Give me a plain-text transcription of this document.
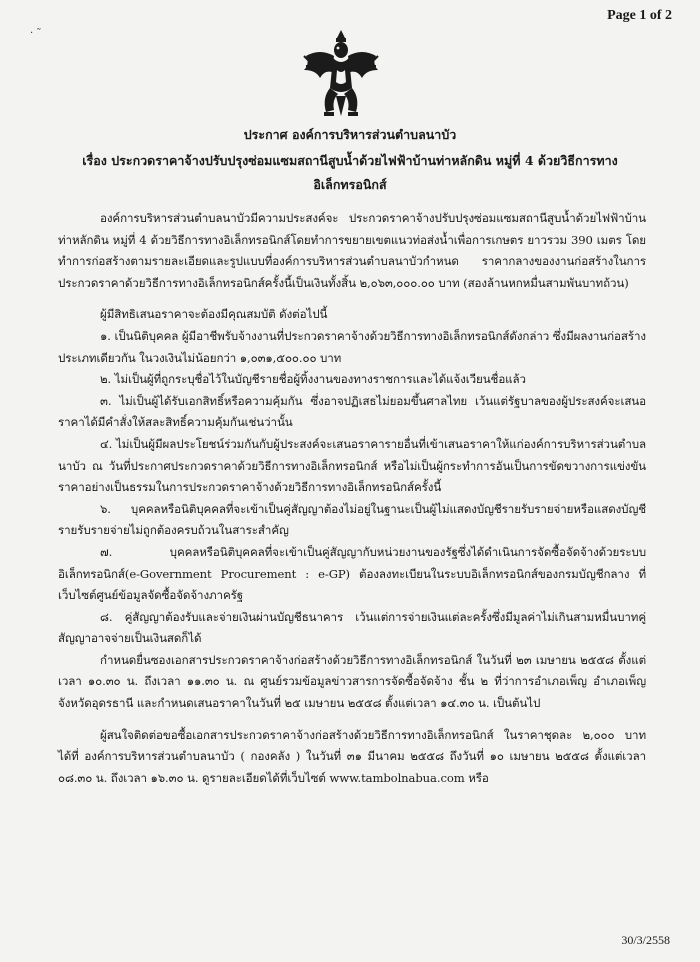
· ˜
Page 1 of 2
ประกาศ องค์การบริหารส่วนตำบลนาบัว
เรื่อง ประกวดราคาจ้างปรับปรุงซ่อมแซมสถานีสูบน้ำด้วยไฟฟ้าบ้านท่าหลักดิน หมู่ที่ 4 ด้วยวิธีการทาง
อิเล็กทรอนิกส์

องค์การบริหารส่วนตำบลนาบัวมีความประสงค์จะ ประกวดราคาจ้างปรับปรุงซ่อมแซมสถานีสูบน้ำด้วยไฟฟ้าบ้านท่าหลักดิน หมู่ที่ 4 ด้วยวิธีการทางอิเล็กทรอนิกส์โดยทำการขยายเขตแนวท่อส่งน้ำเพื่อการเกษตร ยาวรวม 390 เมตร โดยทำการก่อสร้างตามรายละเอียดและรูปแบบที่องค์การบริหารส่วนตำบลนาบัวกำหนด ราคากลางของงานก่อสร้างในการประกวดราคาด้วยวิธีการทางอิเล็กทรอนิกส์ครั้งนี้เป็นเงินทั้งสิ้น ๒,๐๖๓,๐๐๐.๐๐ บาท (สองล้านหกหมื่นสามพันบาทถ้วน)

ผู้มีสิทธิเสนอราคาจะต้องมีคุณสมบัติ ดังต่อไปนี้

๑. เป็นนิติบุคคล ผู้มีอาชีพรับจ้างงานที่ประกวดราคาจ้างด้วยวิธีการทางอิเล็กทรอนิกส์ดังกล่าว ซึ่งมีผลงานก่อสร้างประเภทเดียวกัน ในวงเงินไม่น้อยกว่า ๑,๐๓๑,๕๐๐.๐๐ บาท

๒. ไม่เป็นผู้ที่ถูกระบุชื่อไว้ในบัญชีรายชื่อผู้ทิ้งงานของทางราชการและได้แจ้งเวียนชื่อแล้ว

๓. ไม่เป็นผู้ได้รับเอกสิทธิ์หรือความคุ้มกัน ซึ่งอาจปฏิเสธไม่ยอมขึ้นศาลไทย เว้นแต่รัฐบาลของผู้ประสงค์จะเสนอราคาได้มีคำสั่งให้สละสิทธิ์ความคุ้มกันเช่นว่านั้น

๔. ไม่เป็นผู้มีผลประโยชน์ร่วมกันกับผู้ประสงค์จะเสนอราคารายอื่นที่เข้าเสนอราคาให้แก่องค์การบริหารส่วนตำบลนาบัว ณ วันที่ประกาศประกวดราคาด้วยวิธีการทางอิเล็กทรอนิกส์ หรือไม่เป็นผู้กระทำการอันเป็นการขัดขวางการแข่งขันราคาอย่างเป็นธรรมในการประกวดราคาจ้างด้วยวิธีการทางอิเล็กทรอนิกส์ครั้งนี้

๖. บุคคลหรือนิติบุคคลที่จะเข้าเป็นคู่สัญญาต้องไม่อยู่ในฐานะเป็นผู้ไม่แสดงบัญชีรายรับรายจ่ายหรือแสดงบัญชีรายรับรายจ่ายไม่ถูกต้องครบถ้วนในสาระสำคัญ

๗. บุคคลหรือนิติบุคคลที่จะเข้าเป็นคู่สัญญากับหน่วยงานของรัฐซึ่งได้ดำเนินการจัดซื้อจัดจ้างด้วยระบบอิเล็กทรอนิกส์(e-Government Procurement : e-GP) ต้องลงทะเบียนในระบบอิเล็กทรอนิกส์ของกรมบัญชีกลาง ที่เว็บไซต์ศูนย์ข้อมูลจัดซื้อจัดจ้างภาครัฐ

๘. คู่สัญญาต้องรับและจ่ายเงินผ่านบัญชีธนาคาร เว้นแต่การจ่ายเงินแต่ละครั้งซึ่งมีมูลค่าไม่เกินสามหมื่นบาทคู่สัญญาอาจจ่ายเป็นเงินสดก็ได้

กำหนดยื่นซองเอกสารประกวดราคาจ้างก่อสร้างด้วยวิธีการทางอิเล็กทรอนิกส์ ในวันที่ ๒๓ เมษายน ๒๕๕๘ ตั้งแต่เวลา ๑๐.๓๐ น. ถึงเวลา ๑๑.๓๐ น. ณ ศูนย์รวมข้อมูลข่าวสารการจัดซื้อจัดจ้าง ชั้น ๒ ที่ว่าการอำเภอเพ็ญ อำเภอเพ็ญ จังหวัดอุดรธานี และกำหนดเสนอราคาในวันที่ ๒๕ เมษายน ๒๕๕๘ ตั้งแต่เวลา ๑๔.๓๐ น. เป็นต้นไป

ผู้สนใจติดต่อขอซื้อเอกสารประกวดราคาจ้างก่อสร้างด้วยวิธีการทางอิเล็กทรอนิกส์ ในราคาชุดละ ๒,๐๐๐ บาท ได้ที่ องค์การบริหารส่วนตำบลนาบัว ( กองคลัง ) ในวันที่ ๓๑ มีนาคม ๒๕๕๘ ถึงวันที่ ๑๐ เมษายน ๒๕๕๘ ตั้งแต่เวลา ๐๘.๓๐ น. ถึงเวลา ๑๖.๓๐ น. ดูรายละเอียดได้ที่เว็บไซต์ www.tambolnabua.com หรือ

30/3/2558
